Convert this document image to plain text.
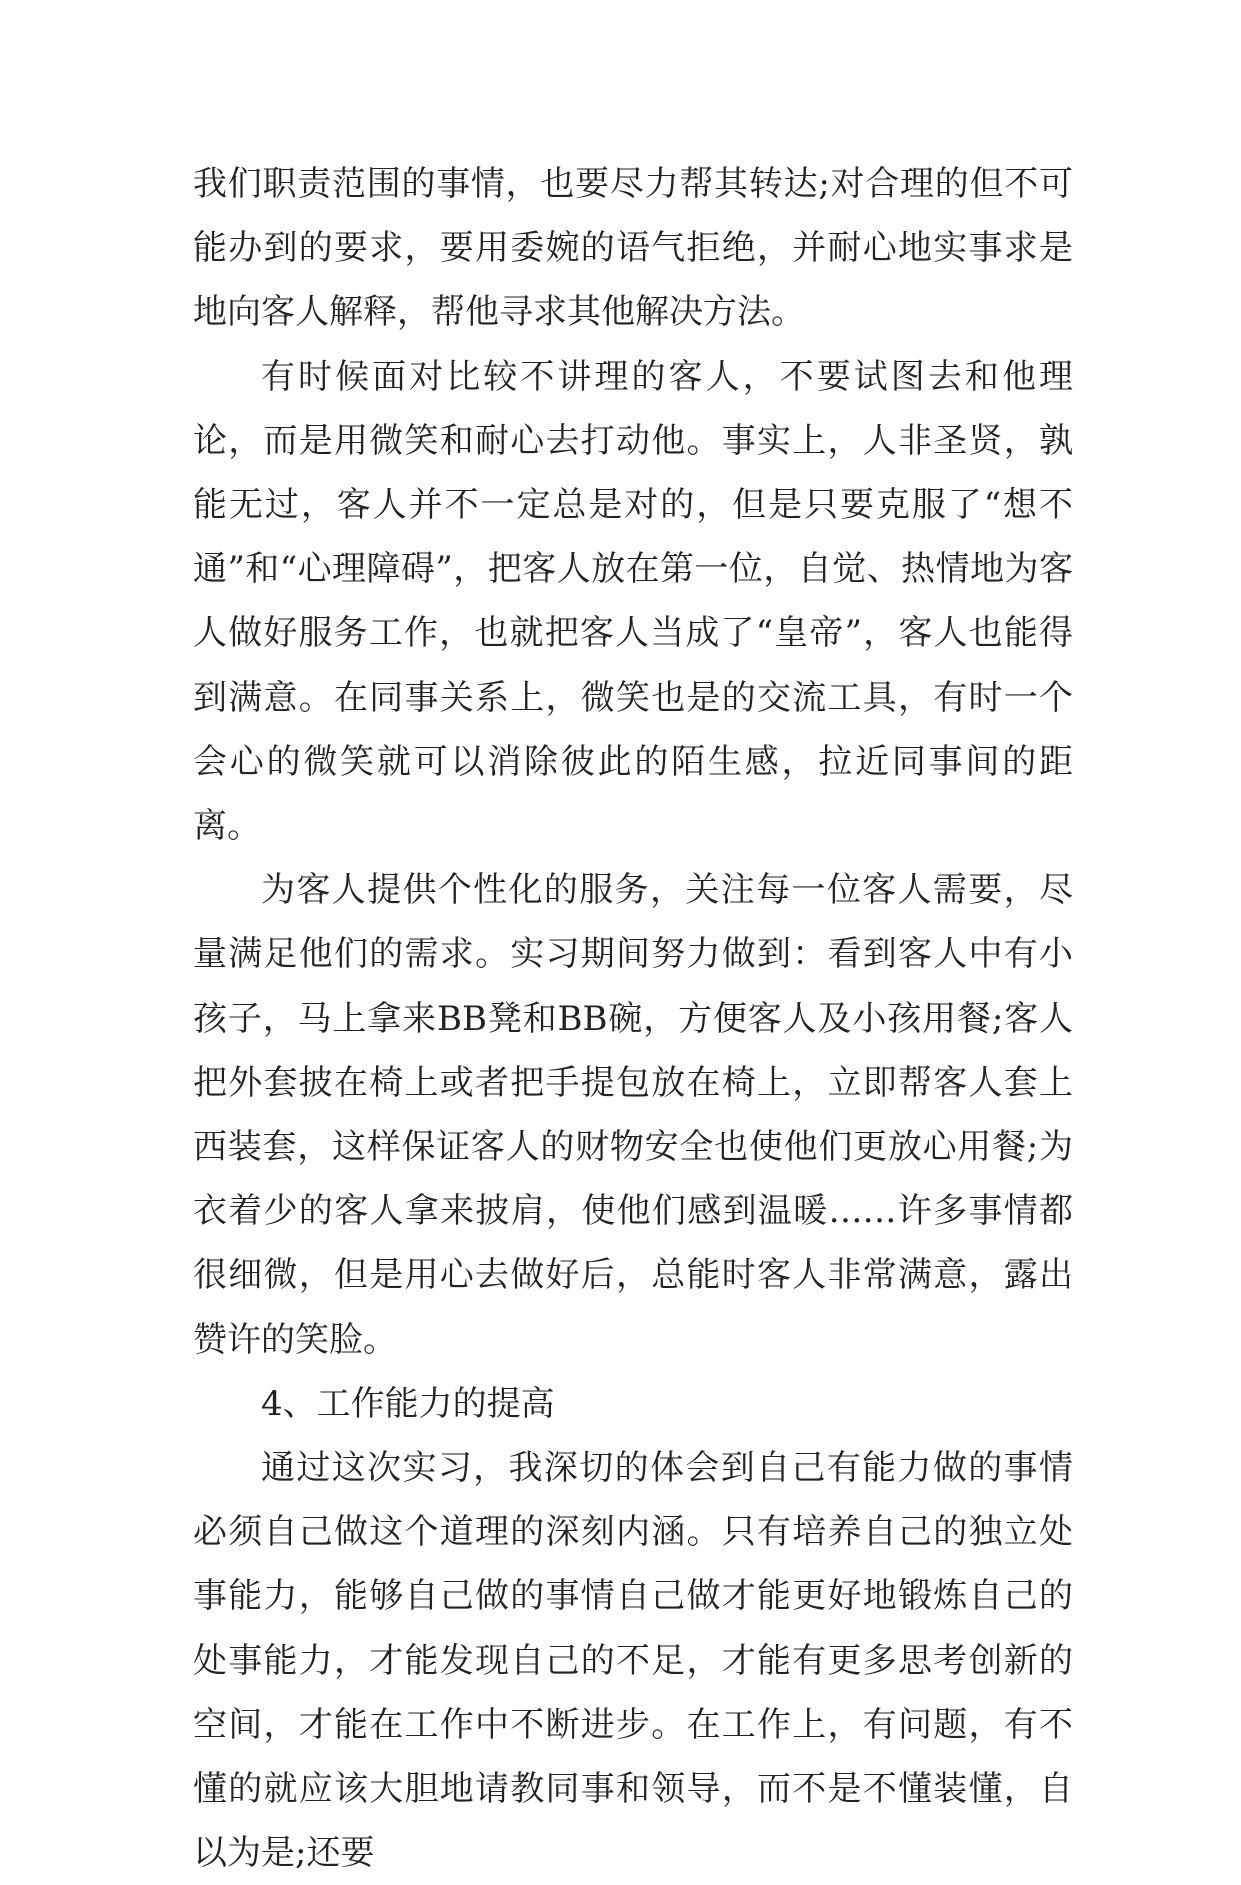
我们职责范围的事情，也要尽力帮其转达;对合理的但不可能办到的要求，要用委婉的语气拒绝，并耐心地实事求是地向客人解释，帮他寻求其他解决方法。

有时候面对比较不讲理的客人，不要试图去和他理论，而是用微笑和耐心去打动他。事实上，人非圣贤，孰能无过，客人并不一定总是对的，但是只要克服了“想不通”和“心理障碍”，把客人放在第一位，自觉、热情地为客人做好服务工作，也就把客人当成了“皇帝”，客人也能得到满意。在同事关系上，微笑也是的交流工具，有时一个会心的微笑就可以消除彼此的陌生感，拉近同事间的距离。

为客人提供个性化的服务，关注每一位客人需要，尽量满足他们的需求。实习期间努力做到：看到客人中有小孩子，马上拿来BB凳和BB碗，方便客人及小孩用餐;客人把外套披在椅上或者把手提包放在椅上，立即帮客人套上西装套，这样保证客人的财物安全也使他们更放心用餐;为衣着少的客人拿来披肩，使他们感到温暖……许多事情都很细微，但是用心去做好后，总能时客人非常满意，露出赞许的笑脸。

4、工作能力的提高

通过这次实习，我深切的体会到自己有能力做的事情必须自己做这个道理的深刻内涵。只有培养自己的独立处事能力，能够自己做的事情自己做才能更好地锻炼自己的处事能力，才能发现自己的不足，才能有更多思考创新的空间，才能在工作中不断进步。在工作上，有问题，有不懂的就应该大胆地请教同事和领导，而不是不懂装懂，自以为是;还要
